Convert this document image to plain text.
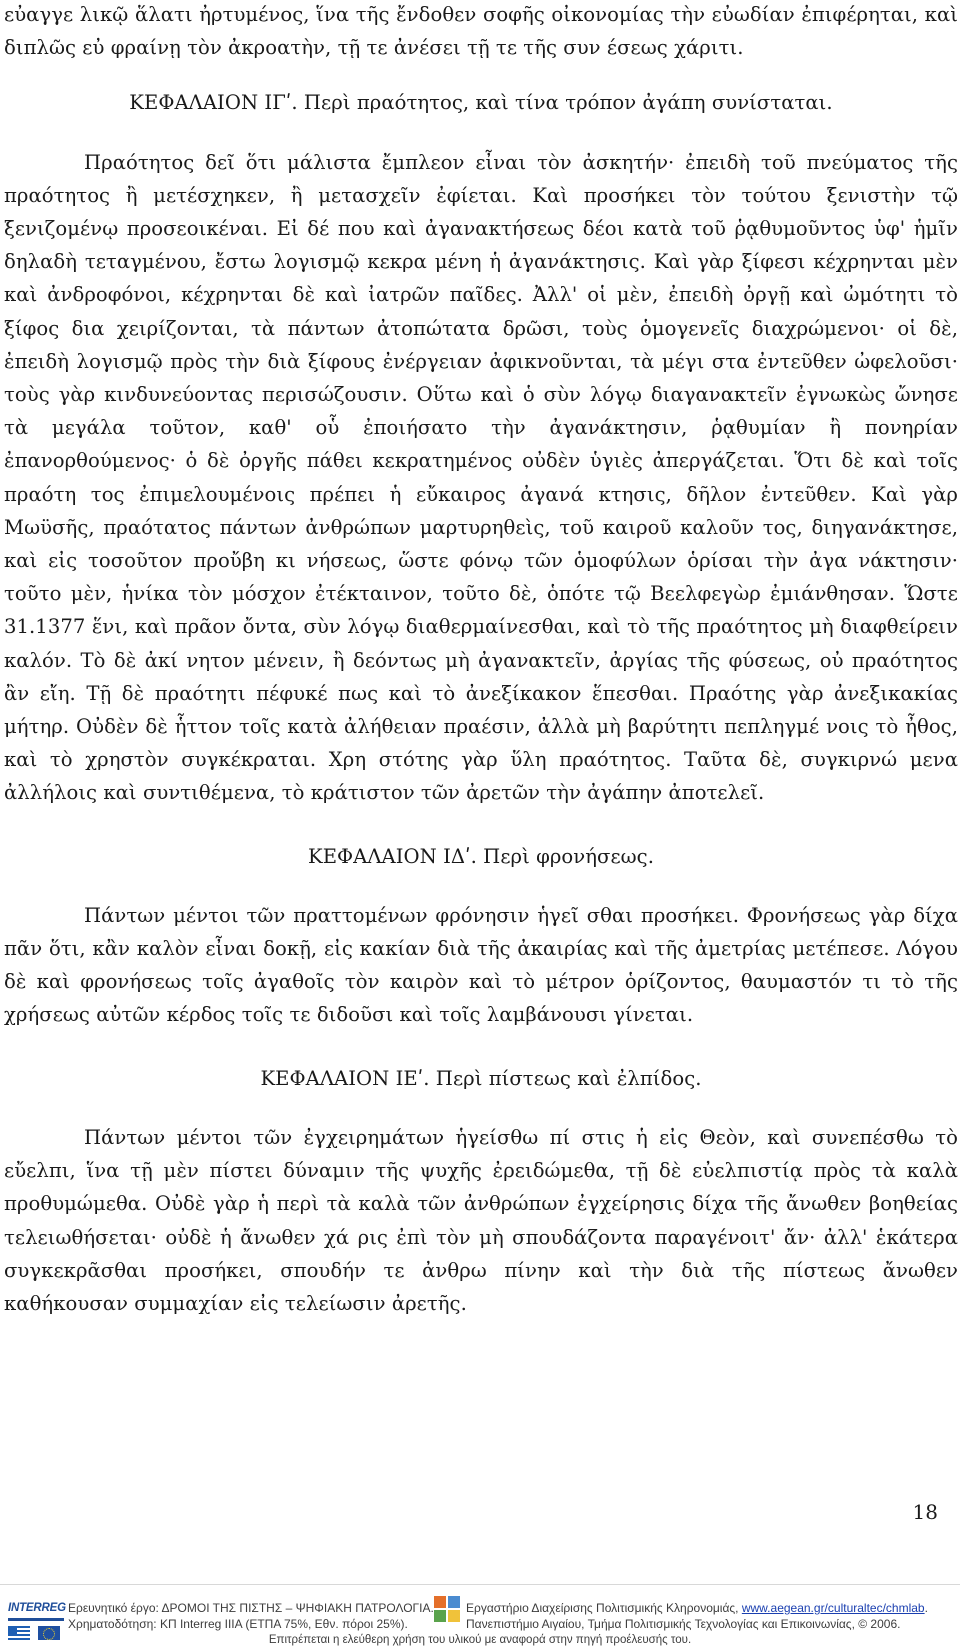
εὐαγγε λικῷ ἅλατι ἠρτυμένος, ἵνα τῆς ἔνδοθεν σοφῆς οἰκονομίας τὴν εὐωδίαν ἐπιφέρηται, καὶ διπλῶς εὐ φραίνῃ τὸν ἀκροατὴν, τῇ τε ἀνέσει τῇ τε τῆς συν έσεως χάριτι.

ΚΕΦΑΛΑΙΟΝ ΙΓʹ. Περὶ πραότητος, καὶ τίνα τρόπον ἀγάπη συνίσταται.

Πραότητος δεῖ ὅτι μάλιστα ἔμπλεον εἶναι τὸν ἀσκητήν· ἐπειδὴ τοῦ πνεύματος τῆς πραότητος ἢ μετέσχηκεν, ἢ μετασχεῖν ἐφίεται. Καὶ προσήκει τὸν τούτου ξενιστὴν τῷ ξενιζομένῳ προσεοικέναι. Εἰ δέ που καὶ ἀγανακτήσεως δέοι κατὰ τοῦ ῥᾳθυμοῦντος ὑφ' ἡμῖν δηλαδὴ τεταγμένου, ἔστω λογισμῷ κεκρα μένη ἡ ἀγανάκτησις. Καὶ γὰρ ξίφεσι κέχρηνται μὲν καὶ ἀνδροφόνοι, κέχρηνται δὲ καὶ ἰατρῶν παῖδες. Ἀλλ' οἱ μὲν, ἐπειδὴ ὀργῇ καὶ ὠμότητι τὸ ξίφος δια χειρίζονται, τὰ πάντων ἀτοπώτατα δρῶσι, τοὺς ὁμογενεῖς διαχρώμενοι· οἱ δὲ, ἐπειδὴ λογισμῷ πρὸς τὴν διὰ ξίφους ἐνέργειαν ἀφικνοῦνται, τὰ μέγι στα ἐντεῦθεν ὠφελοῦσι· τοὺς γὰρ κινδυνεύοντας περισώζουσιν. Οὕτω καὶ ὁ σὺν λόγῳ διαγανακτεῖν ἐγνωκὼς ὤνησε τὰ μεγάλα τοῦτον, καθ' οὗ ἐποιήσατο τὴν ἀγανάκτησιν, ῥᾳθυμίαν ἢ πονηρίαν ἐπανορθούμενος· ὁ δὲ ὀργῆς πάθει κεκρατημένος οὐδὲν ὑγιὲς ἀπεργάζεται. Ὅτι δὲ καὶ τοῖς πραότη τος ἐπιμελουμένοις πρέπει ἡ εὔκαιρος ἀγανά κτησις, δῆλον ἐντεῦθεν. Καὶ γὰρ Μωϋσῆς, πραότατος πάντων ἀνθρώπων μαρτυρηθεὶς, τοῦ καιροῦ καλοῦν τος, διηγανάκτησε, καὶ εἰς τοσοῦτον προὔβη κι νήσεως, ὥστε φόνῳ τῶν ὁμοφύλων ὁρίσαι τὴν ἀγα νάκτησιν· τοῦτο μὲν, ἡνίκα τὸν μόσχον ἐτέκταινον, τοῦτο δὲ, ὁπότε τῷ Βεελφεγὼρ ἐμιάνθησαν. Ὥστε 31.1377 ἕνι, καὶ πρᾶον ὄντα, σὺν λόγῳ διαθερμαίνεσθαι, καὶ τὸ τῆς πραότητος μὴ διαφθείρειν καλόν. Τὸ δὲ ἀκί νητον μένειν, ἢ δεόντως μὴ ἀγανακτεῖν, ἀργίας τῆς φύσεως, οὐ πραότητος ἂν εἴη. Τῇ δὲ πραότητι πέφυκέ πως καὶ τὸ ἀνεξίκακον ἕπεσθαι. Πραότης γὰρ ἀνεξικακίας μήτηρ. Οὐδὲν δὲ ἧττον τοῖς κατὰ ἀλήθειαν πραέσιν, ἀλλὰ μὴ βαρύτητι πεπληγμέ νοις τὸ ἦθος, καὶ τὸ χρηστὸν συγκέκραται. Χρη στότης γὰρ ὕλη πραότητος. Ταῦτα δὲ, συγκιρνώ μενα ἀλλήλοις καὶ συντιθέμενα, τὸ κράτιστον τῶν ἀρετῶν τὴν ἀγάπην ἀποτελεῖ.

ΚΕΦΑΛΑΙΟΝ ΙΔʹ. Περὶ φρονήσεως.

Πάντων μέντοι τῶν πραττομένων φρόνησιν ἡγεῖ σθαι προσήκει. Φρονήσεως γὰρ δίχα πᾶν ὅτι, κἂν καλὸν εἶναι δοκῇ, εἰς κακίαν διὰ τῆς ἀκαιρίας καὶ τῆς ἀμετρίας μετέπεσε. Λόγου δὲ καὶ φρονήσεως τοῖς ἀγαθοῖς τὸν καιρὸν καὶ τὸ μέτρον ὁρίζοντος, θαυμαστόν τι τὸ τῆς χρήσεως αὐτῶν κέρδος τοῖς τε διδοῦσι καὶ τοῖς λαμβάνουσι γίνεται.

ΚΕΦΑΛΑΙΟΝ ΙΕʹ. Περὶ πίστεως καὶ ἐλπίδος.

Πάντων μέντοι τῶν ἐγχειρημάτων ἡγείσθω πί στις ἡ εἰς Θεὸν, καὶ συνεπέσθω τὸ εὔελπι, ἵνα τῇ μὲν πίστει δύναμιν τῆς ψυχῆς ἐρειδώμεθα, τῇ δὲ εὐελπιστίᾳ πρὸς τὰ καλὰ προθυμώμεθα. Οὐδὲ γὰρ ἡ περὶ τὰ καλὰ τῶν ἀνθρώπων ἐγχείρησις δίχα τῆς ἄνωθεν βοηθείας τελειωθήσεται· οὐδὲ ἡ ἄνωθεν χά ρις ἐπὶ τὸν μὴ σπουδάζοντα παραγένοιτ' ἄν· ἀλλ' ἑκάτερα συγκεκρᾶσθαι προσήκει, σπουδήν τε ἀνθρω πίνην καὶ τὴν διὰ τῆς πίστεως ἄνωθεν καθήκουσαν συμμαχίαν εἰς τελείωσιν ἀρετῆς.

18
INTERREG Ερευνητικό έργο: ΔΡΟΜΟΙ ΤΗΣ ΠΙΣΤΗΣ – ΨΗΦΙΑΚΗ ΠΑΤΡΟΛΟΓΙΑ.
Χρηματοδότηση: ΚΠ Interreg IIIA (ΕΤΠΑ 75%, Εθν. πόροι 25%).
Εργαστήριο Διαχείρισης Πολιτισμικής Κληρονομιάς, www.aegean.gr/culturaltec/chmlab.
Πανεπιστήμιο Αιγαίου, Τμήμα Πολιτισμικής Τεχνολογίας και Επικοινωνίας, © 2006.
Επιτρέπεται η ελεύθερη χρήση του υλικού με αναφορά στην πηγή προέλευσής του.
